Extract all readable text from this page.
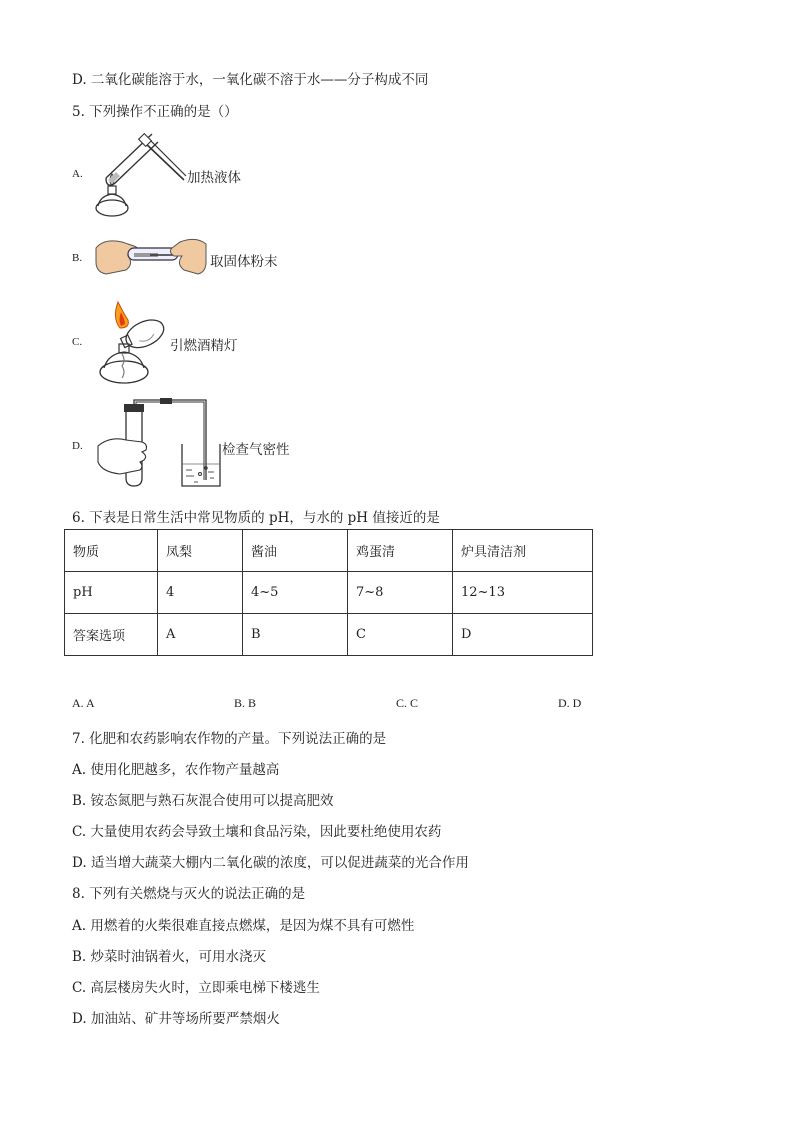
D. 二氧化碳能溶于水，一氧化碳不溶于水——分子构成不同
5. 下列操作不正确的是（）
A.	加热液体
B.	取固体粉末
C.	引燃酒精灯
D.	检查气密性
6. 下表是日常生活中常见物质的 pH，与水的 pH 值接近的是
物质	凤梨	酱油	鸡蛋清	炉具清洁剂
pH	4	4~5	7~8	12~13
答案选项	A	B	C	D
A. A	B. B	C. C	D. D
7. 化肥和农药影响农作物的产量。下列说法正确的是
A. 使用化肥越多，农作物产量越高
B. 铵态氮肥与熟石灰混合使用可以提高肥效
C. 大量使用农药会导致土壤和食品污染，因此要杜绝使用农药
D. 适当增大蔬菜大棚内二氧化碳的浓度，可以促进蔬菜的光合作用
8. 下列有关燃烧与灭火的说法正确的是
A. 用燃着的火柴很难直接点燃煤，是因为煤不具有可燃性
B. 炒菜时油锅着火，可用水浇灭
C. 高层楼房失火时，立即乘电梯下楼逃生
D. 加油站、矿井等场所要严禁烟火
